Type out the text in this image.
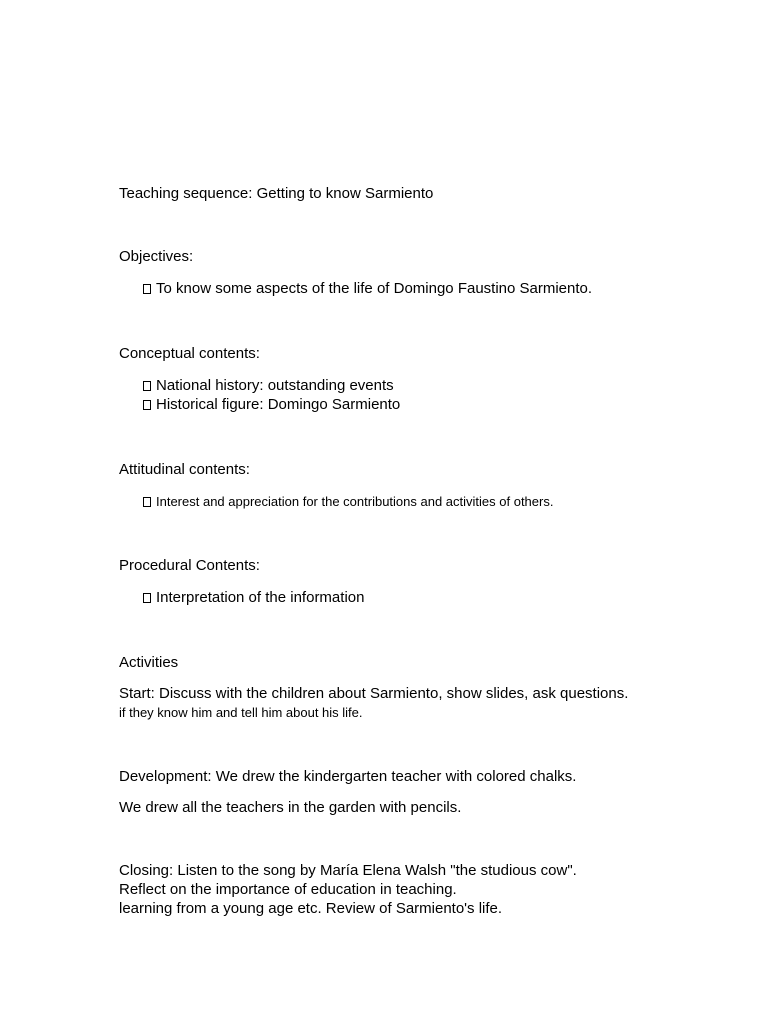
Teaching sequence: Getting to know Sarmiento
Objectives:
To know some aspects of the life of Domingo Faustino Sarmiento.
Conceptual contents:
National history: outstanding events
Historical figure: Domingo Sarmiento
Attitudinal contents:
Interest and appreciation for the contributions and activities of others.
Procedural Contents:
Interpretation of the information
Activities
Start: Discuss with the children about Sarmiento, show slides, ask questions.
if they know him and tell him about his life.
Development: We drew the kindergarten teacher with colored chalks.
We drew all the teachers in the garden with pencils.
Closing: Listen to the song by María Elena Walsh "the studious cow".
Reflect on the importance of education in teaching.
learning from a young age etc. Review of Sarmiento's life.
